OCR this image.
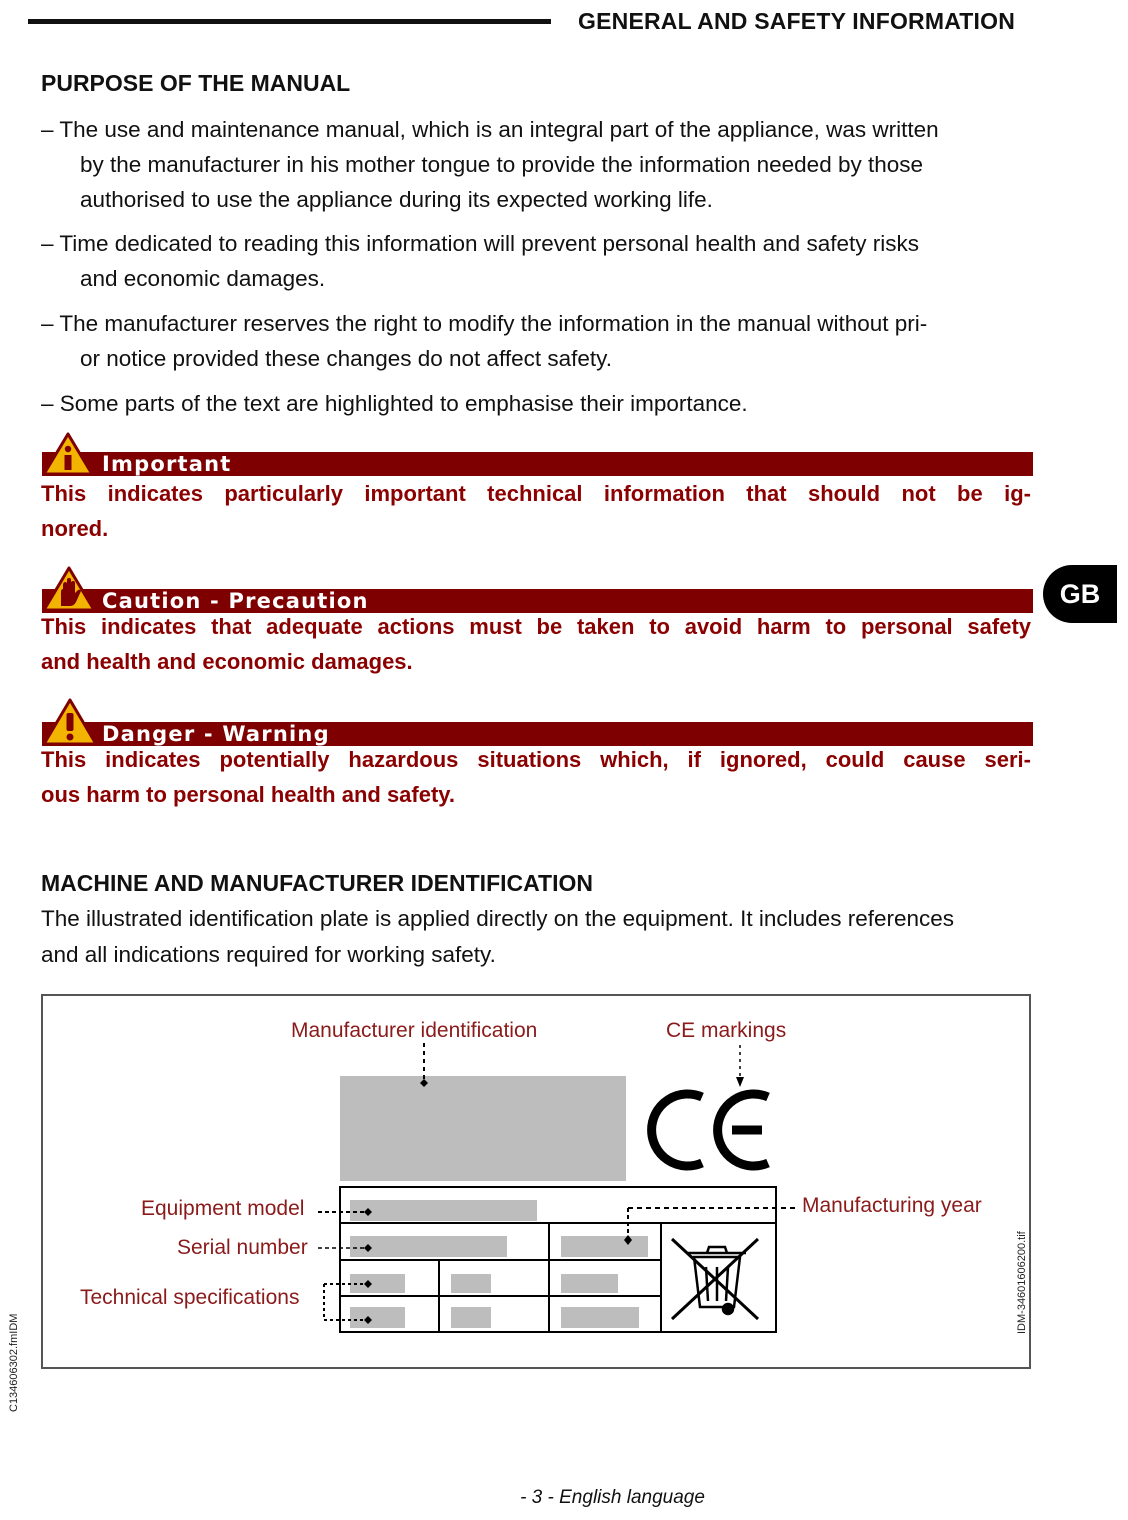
GENERAL AND SAFETY INFORMATION
PURPOSE OF THE MANUAL
– The use and maintenance manual, which is an integral part of the appliance, was written
by the manufacturer in his mother tongue to provide the information needed by those
authorised to use the appliance during its expected working life.
– Time dedicated to reading this information will prevent personal health and safety risks
and economic damages.
– The manufacturer reserves the right to modify the information in the manual without pri-
or notice provided these changes do not affect safety.
– Some parts of the text are highlighted to emphasise their importance.
Important
This indicates particularly important technical information that should not be ig-
nored.
Caution - Precaution
This indicates that adequate actions must be taken to avoid harm to personal safety
and health and economic damages.
Danger - Warning
This indicates potentially hazardous situations which, if ignored, could cause seri-
ous harm to personal health and safety.
GB
MACHINE AND MANUFACTURER IDENTIFICATION
The illustrated identification plate is applied directly on the equipment. It includes references
and all indications required for working safety.
Manufacturer identification	CE markings
Equipment model
Serial number
Technical specifications
Manufacturing year
IDM-34601606200.tif
C134606302.fmIDM
- 3 - English language
